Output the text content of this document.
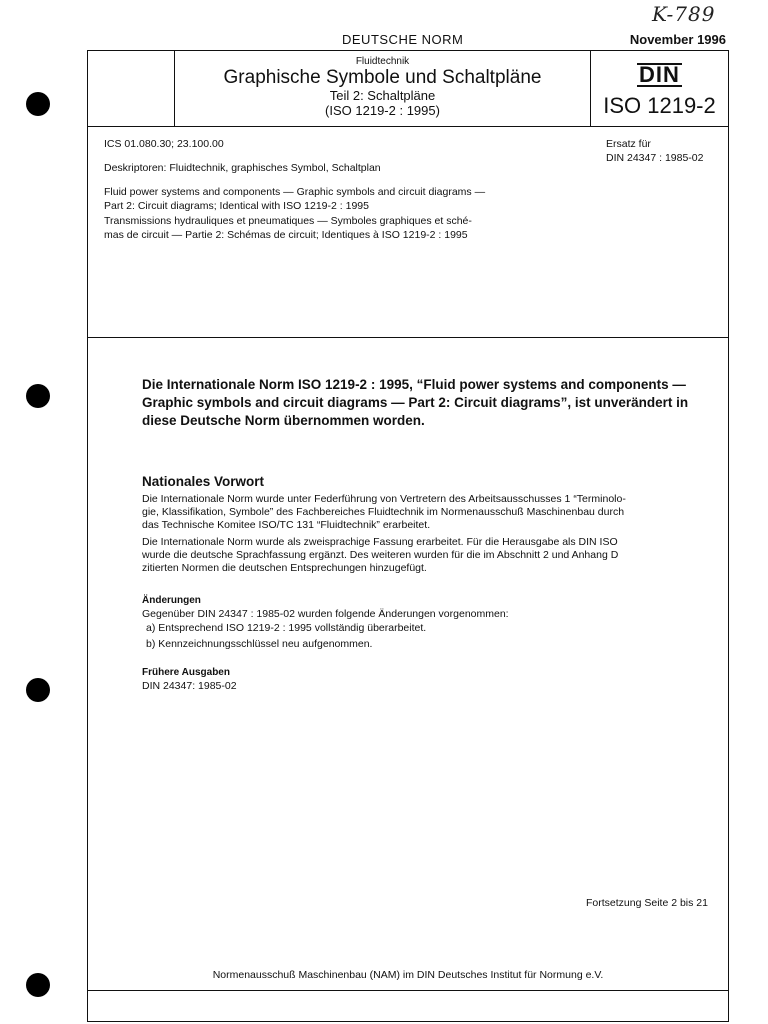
K-789
DEUTSCHE NORM	November 1996
Fluidtechnik
Graphische Symbole und Schaltpläne
Teil 2: Schaltpläne
(ISO 1219-2 : 1995)
DIN
ISO 1219-2

ICS 01.080.30; 23.100.00

Deskriptoren: Fluidtechnik, graphisches Symbol, Schaltplan

Fluid power systems and components — Graphic symbols and circuit diagrams —

Part 2: Circuit diagrams; Identical with ISO 1219-2 : 1995

Transmissions hydrauliques et pneumatiques — Symboles graphiques et sché-

mas de circuit — Partie 2: Schémas de circuit; Identiques à ISO 1219-2 : 1995

Ersatz für
DIN 24347 : 1985-02
Die Internationale Norm ISO 1219-2 : 1995, “Fluid power systems and components —
Graphic symbols and circuit diagrams — Part 2: Circuit diagrams”, ist unverändert in
diese Deutsche Norm übernommen worden.
Nationales Vorwort
Die Internationale Norm wurde unter Federführung von Vertretern des Arbeitsausschusses 1 “Terminolo-
gie, Klassifikation, Symbole” des Fachbereiches Fluidtechnik im Normenausschuß Maschinenbau durch
das Technische Komitee ISO/TC 131 “Fluidtechnik” erarbeitet.
Die Internationale Norm wurde als zweisprachige Fassung erarbeitet. Für die Herausgabe als DIN ISO
wurde die deutsche Sprachfassung ergänzt. Des weiteren wurden für die im Abschnitt 2 und Anhang D
zitierten Normen die deutschen Entsprechungen hinzugefügt.
Änderungen
Gegenüber DIN 24347 : 1985-02 wurden folgende Änderungen vorgenommen:
a) Entsprechend ISO 1219-2 : 1995 vollständig überarbeitet.
b) Kennzeichnungsschlüssel neu aufgenommen.
Frühere Ausgaben
DIN 24347: 1985-02
Fortsetzung Seite 2 bis 21
Normenausschuß Maschinenbau (NAM) im DIN Deutsches Institut für Normung e.V.
